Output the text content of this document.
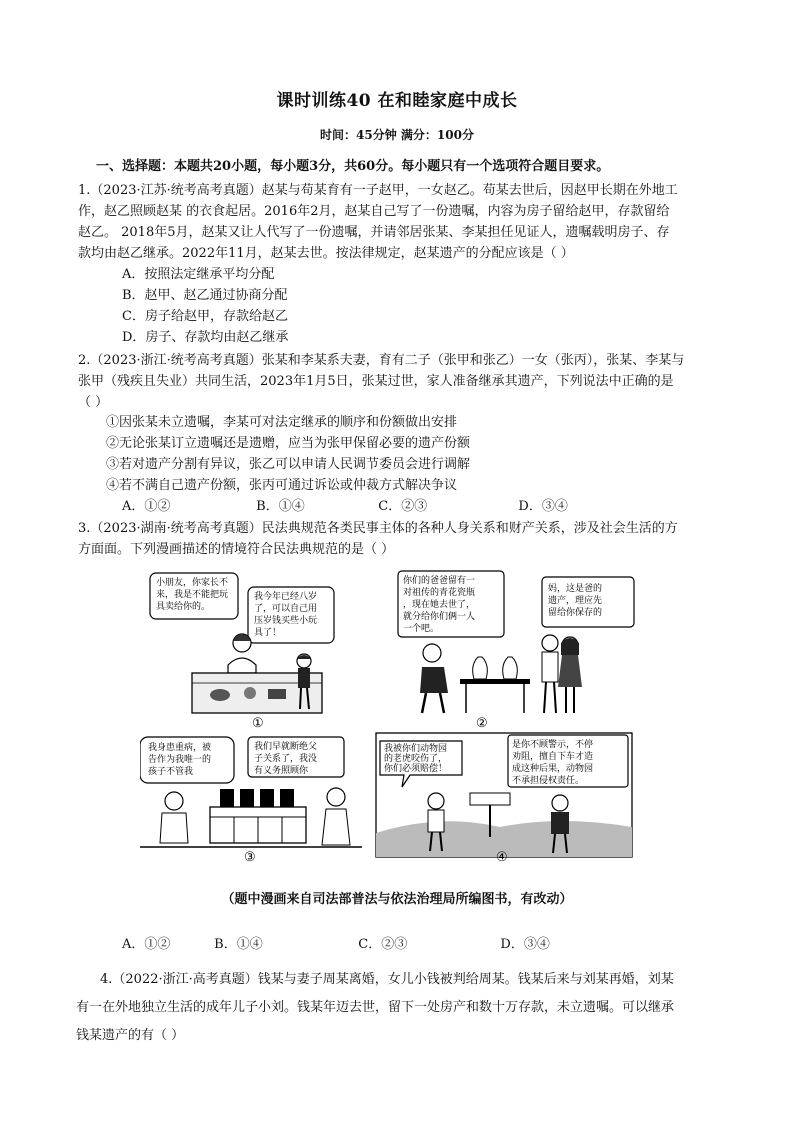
课时训练40 在和睦家庭中成长
时间：45分钟 满分：100分
一、选择题：本题共20小题，每小题3分，共60分。每小题只有一个选项符合题目要求。

1.（2023·江苏·统考高考真题）赵某与苟某育有一子赵甲，一女赵乙。苟某去世后，因赵甲长期在外地工

作，赵乙照顾赵某 的衣食起居。2016年2月，赵某自己写了一份遗嘱，内容为房子留给赵甲，存款留给

赵乙。 2018年5月，赵某又让人代写了一份遗嘱，并请邻居张某、李某担任见证人，遗嘱载明房子、存

款均由赵乙继承。2022年11月，赵某去世。按法律规定，赵某遗产的分配应该是（ ）

A．按照法定继承平均分配
B．赵甲、赵乙通过协商分配
C．房子给赵甲，存款给赵乙
D．房子、存款均由赵乙继承

2.（2023·浙江·统考高考真题）张某和李某系夫妻，育有二子（张甲和张乙）一女（张丙），张某、李某与

张甲（残疾且失业）共同生活，2023年1月5日，张某过世，家人准备继承其遗产，下列说法中正确的是

（ ）

①因张某未立遗嘱，李某可对法定继承的顺序和份额做出安排
②无论张某订立遗嘱还是遗赠，应当为张甲保留必要的遗产份额
③若对遗产分割有异议，张乙可以申请人民调节委员会进行调解
④若不满自己遗产份额，张丙可通过诉讼或仲裁方式解决争议
A．①②	B．①④	C．②③	D．③④

3.（2023·湖南·统考高考真题）民法典规范各类民事主体的各种人身关系和财产关系，涉及社会生活的方

方面面。下列漫画描述的情境符合民法典规范的是（ ）

小朋友，你家长不
来，我是不能把玩
具卖给你的。
我今年已经八岁
了，可以自己用
压岁钱买些小玩
具了！
①
你们的爸爸留有一
对祖传的青花瓷瓶
，现在她去世了，
就分给你们俩一人
一个吧。
妈，这是爸的
遗产，理应先
留给你保存的
②
我身患重病，被
告作为我唯一的
孩子不管我
我们早就断绝父
子关系了，我没
有义务照顾你
③
我被你们动物园
的老虎咬伤了，
你们必须赔偿！
是你不顾警示，不停
劝阻，擅自下车才造
成这种后果，动物园
不承担侵权责任。
④
（题中漫画来自司法部普法与依法治理局所编图书，有改动）
A．①②	B．①④	C．②③	D．③④

4.（2022·浙江·高考真题）钱某与妻子周某离婚，女儿小钱被判给周某。钱某后来与刘某再婚，刘某

有一在外地独立生活的成年儿子小刘。钱某年迈去世，留下一处房产和数十万存款，未立遗嘱。可以继承

钱某遗产的有（ ）
